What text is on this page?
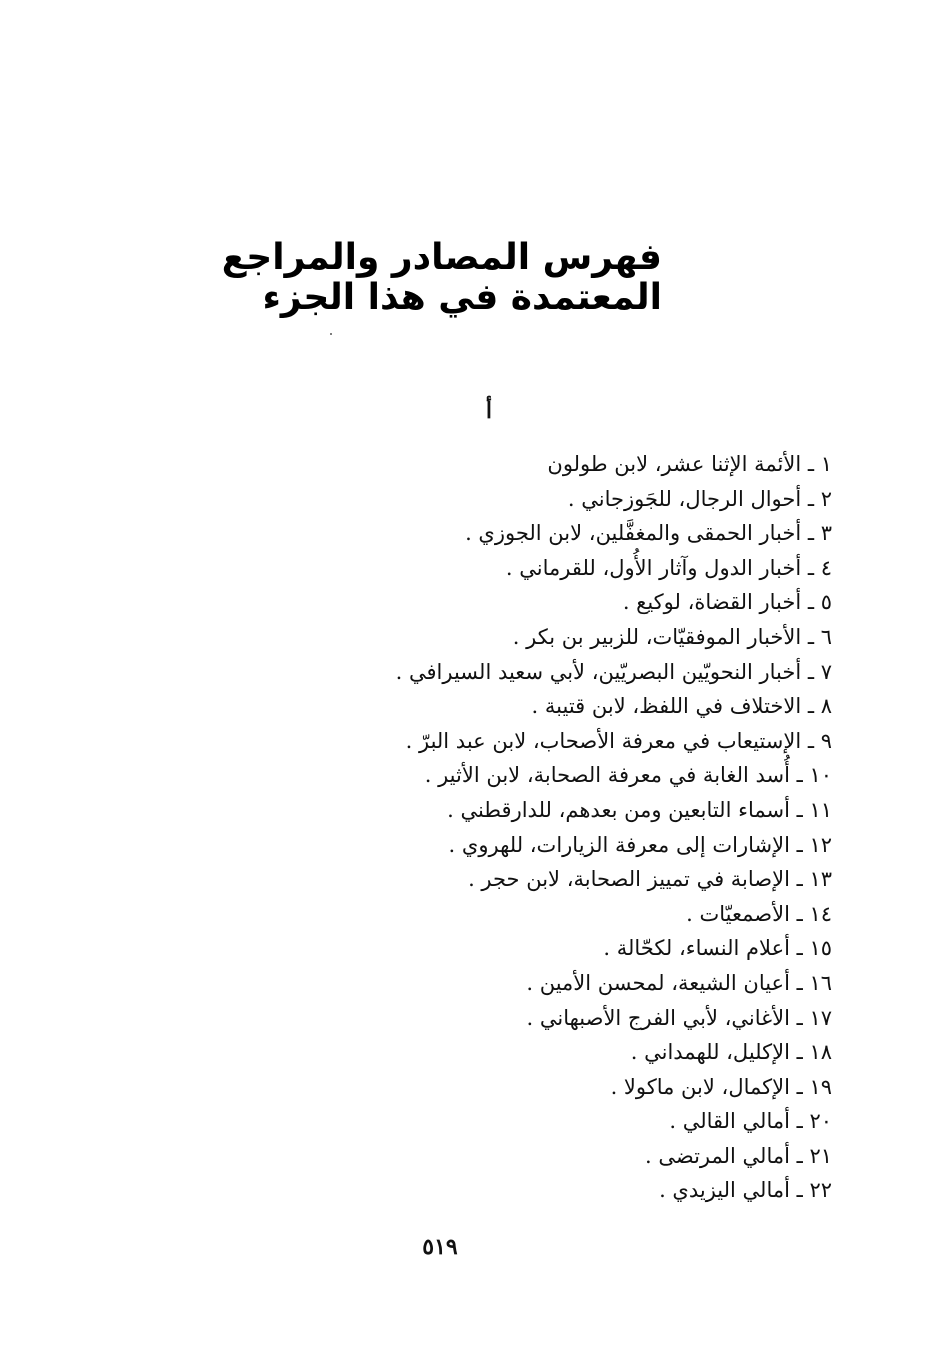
فهرس المصادر والمراجع
المعتمدة في هذا الجزء
أ
١ ـ الأئمة الإثنا عشر، لابن طولون
٢ ـ أحوال الرجال، للجَوزجاني .
٣ ـ أخبار الحمقى والمغفَّلين، لابن الجوزي .
٤ ـ أخبار الدول وآثار الأُول، للقرماني .
٥ ـ أخبار القضاة، لوكيع .
٦ ـ الأخبار الموفقيّات، للزبير بن بكر .
٧ ـ أخبار النحويّين البصريّين، لأبي سعيد السيرافي .
٨ ـ الاختلاف في اللفظ، لابن قتيبة .
٩ ـ الإستيعاب في معرفة الأصحاب، لابن عبد البرّ .
١٠ ـ أُسد الغابة في معرفة الصحابة، لابن الأثير .
١١ ـ أسماء التابعين ومن بعدهم، للدارقطني .
١٢ ـ الإشارات إلى معرفة الزيارات، للهروي .
١٣ ـ الإصابة في تمييز الصحابة، لابن حجر .
١٤ ـ الأصمعيّات .
١٥ ـ أعلام النساء، لكحّالة .
١٦ ـ أعيان الشيعة، لمحسن الأمين .
١٧ ـ الأغاني، لأبي الفرج الأصبهاني .
١٨ ـ الإكليل، للهمداني .
١٩ ـ الإكمال، لابن ماكولا .
٢٠ ـ أمالي القالي .
٢١ ـ أمالي المرتضى .
٢٢ ـ أمالي اليزيدي .
٥١٩
